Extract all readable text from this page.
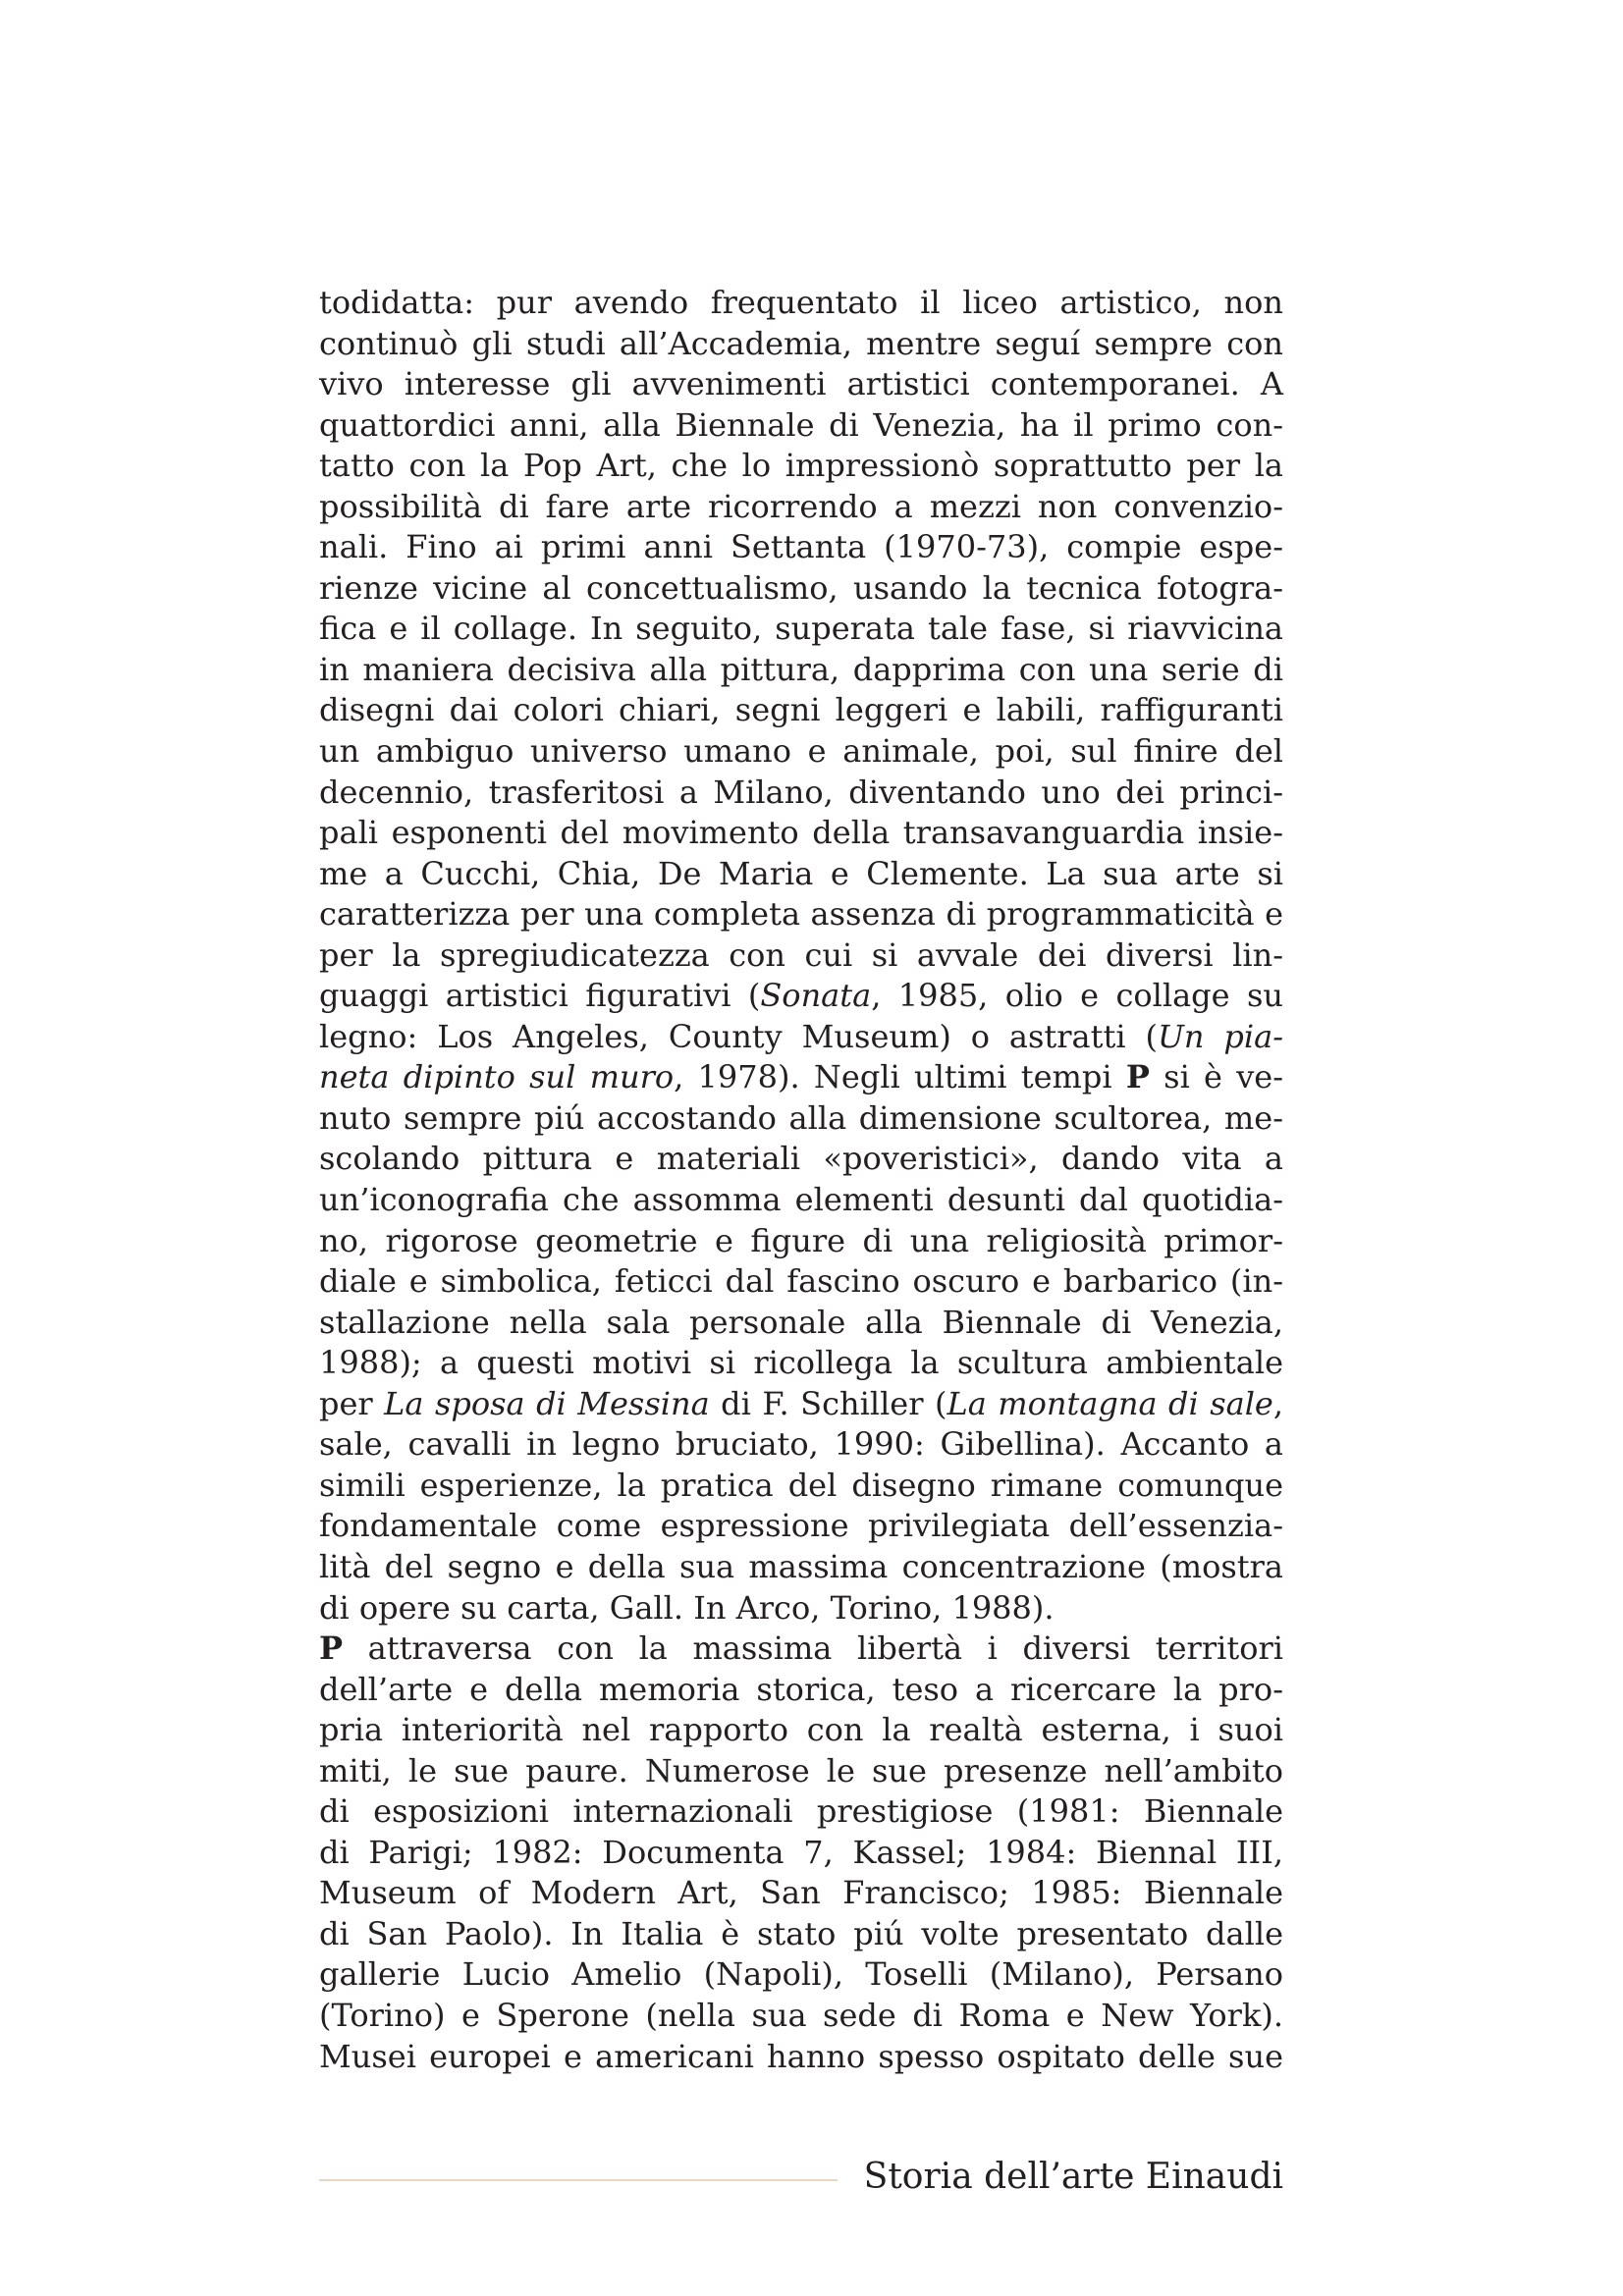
todidatta: pur avendo frequentato il liceo artistico, non
continuò gli studi all’Accademia, mentre seguí sempre con
vivo interesse gli avvenimenti artistici contemporanei. A
quattordici anni, alla Biennale di Venezia, ha il primo con-
tatto con la Pop Art, che lo impressionò soprattutto per la
possibilità di fare arte ricorrendo a mezzi non convenzio-
nali. Fino ai primi anni Settanta (1970-73), compie espe-
rienze vicine al concettualismo, usando la tecnica fotogra-
fica e il collage. In seguito, superata tale fase, si riavvicina
in maniera decisiva alla pittura, dapprima con una serie di
disegni dai colori chiari, segni leggeri e labili, raffiguranti
un ambiguo universo umano e animale, poi, sul finire del
decennio, trasferitosi a Milano, diventando uno dei princi-
pali esponenti del movimento della transavanguardia insie-
me a Cucchi, Chia, De Maria e Clemente. La sua arte si
caratterizza per una completa assenza di programmaticità e
per la spregiudicatezza con cui si avvale dei diversi lin-
guaggi artistici figurativi (Sonata, 1985, olio e collage su
legno: Los Angeles, County Museum) o astratti (Un pia-
neta dipinto sul muro, 1978). Negli ultimi tempi P si è ve-
nuto sempre piú accostando alla dimensione scultorea, me-
scolando pittura e materiali «poveristici», dando vita a
un’iconografia che assomma elementi desunti dal quotidia-
no, rigorose geometrie e figure di una religiosità primor-
diale e simbolica, feticci dal fascino oscuro e barbarico (in-
stallazione nella sala personale alla Biennale di Venezia,
1988); a questi motivi si ricollega la scultura ambientale
per La sposa di Messina di F. Schiller (La montagna di sale,
sale, cavalli in legno bruciato, 1990: Gibellina). Accanto a
simili esperienze, la pratica del disegno rimane comunque
fondamentale come espressione privilegiata dell’essenzia-
lità del segno e della sua massima concentrazione (mostra
di opere su carta, Gall. In Arco, Torino, 1988).
P attraversa con la massima libertà i diversi territori
dell’arte e della memoria storica, teso a ricercare la pro-
pria interiorità nel rapporto con la realtà esterna, i suoi
miti, le sue paure. Numerose le sue presenze nell’ambito
di esposizioni internazionali prestigiose (1981: Biennale
di Parigi; 1982: Documenta 7, Kassel; 1984: Biennal III,
Museum of Modern Art, San Francisco; 1985: Biennale
di San Paolo). In Italia è stato piú volte presentato dalle
gallerie Lucio Amelio (Napoli), Toselli (Milano), Persano
(Torino) e Sperone (nella sua sede di Roma e New York).
Musei europei e americani hanno spesso ospitato delle sue
Storia dell’arte Einaudi
